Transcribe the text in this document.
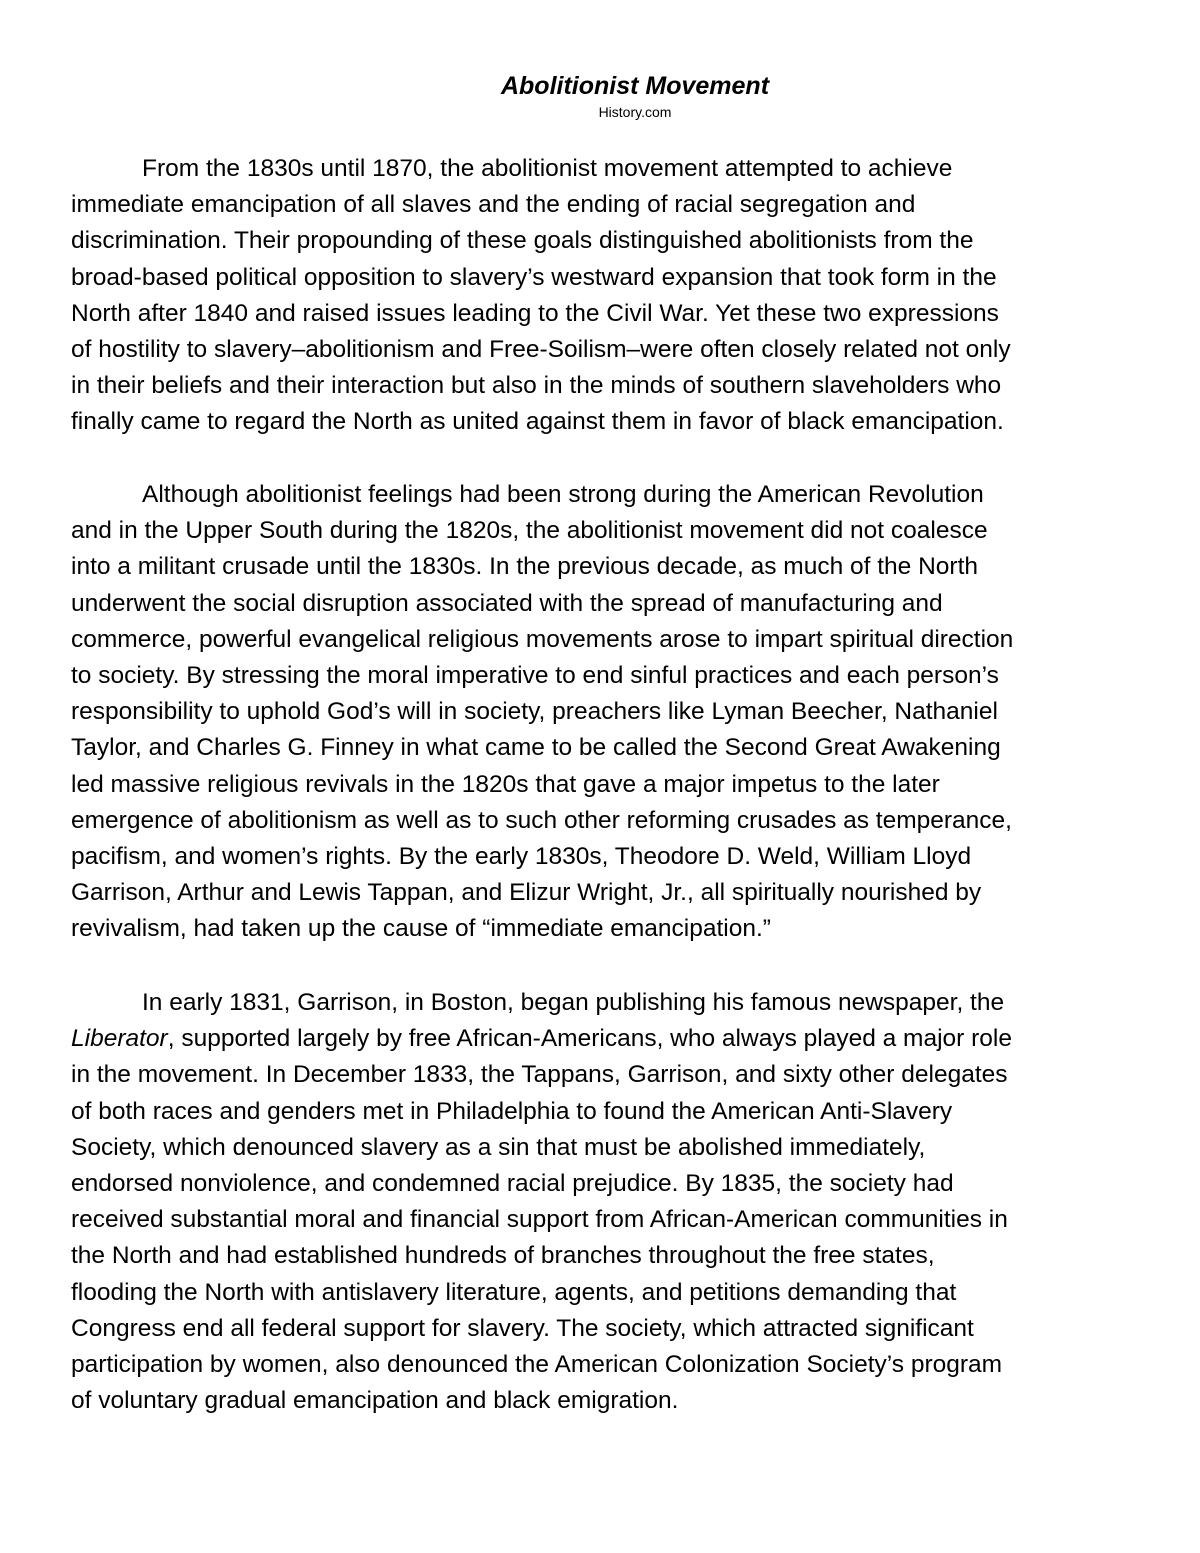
Abolitionist Movement
History.com

From the 1830s until 1870, the abolitionist movement attempted to achieve
immediate emancipation of all slaves and the ending of racial segregation and
discrimination. Their propounding of these goals distinguished abolitionists from the
broad-based political opposition to slavery’s westward expansion that took form in the
North after 1840 and raised issues leading to the Civil War. Yet these two expressions
of hostility to slavery–abolitionism and Free-Soilism–were often closely related not only
in their beliefs and their interaction but also in the minds of southern slaveholders who
finally came to regard the North as united against them in favor of black emancipation.

Although abolitionist feelings had been strong during the American Revolution
and in the Upper South during the 1820s, the abolitionist movement did not coalesce
into a militant crusade until the 1830s. In the previous decade, as much of the North
underwent the social disruption associated with the spread of manufacturing and
commerce, powerful evangelical religious movements arose to impart spiritual direction
to society. By stressing the moral imperative to end sinful practices and each person’s
responsibility to uphold God’s will in society, preachers like Lyman Beecher, Nathaniel
Taylor, and Charles G. Finney in what came to be called the Second Great Awakening
led massive religious revivals in the 1820s that gave a major impetus to the later
emergence of abolitionism as well as to such other reforming crusades as temperance,
pacifism, and women’s rights. By the early 1830s, Theodore D. Weld, William Lloyd
Garrison, Arthur and Lewis Tappan, and Elizur Wright, Jr., all spiritually nourished by
revivalism, had taken up the cause of “immediate emancipation.”

In early 1831, Garrison, in Boston, began publishing his famous newspaper, the
Liberator, supported largely by free African-Americans, who always played a major role
in the movement. In December 1833, the Tappans, Garrison, and sixty other delegates
of both races and genders met in Philadelphia to found the American Anti-Slavery
Society, which denounced slavery as a sin that must be abolished immediately,
endorsed nonviolence, and condemned racial prejudice. By 1835, the society had
received substantial moral and financial support from African-American communities in
the North and had established hundreds of branches throughout the free states,
flooding the North with antislavery literature, agents, and petitions demanding that
Congress end all federal support for slavery. The society, which attracted significant
participation by women, also denounced the American Colonization Society’s program
of voluntary gradual emancipation and black emigration.
